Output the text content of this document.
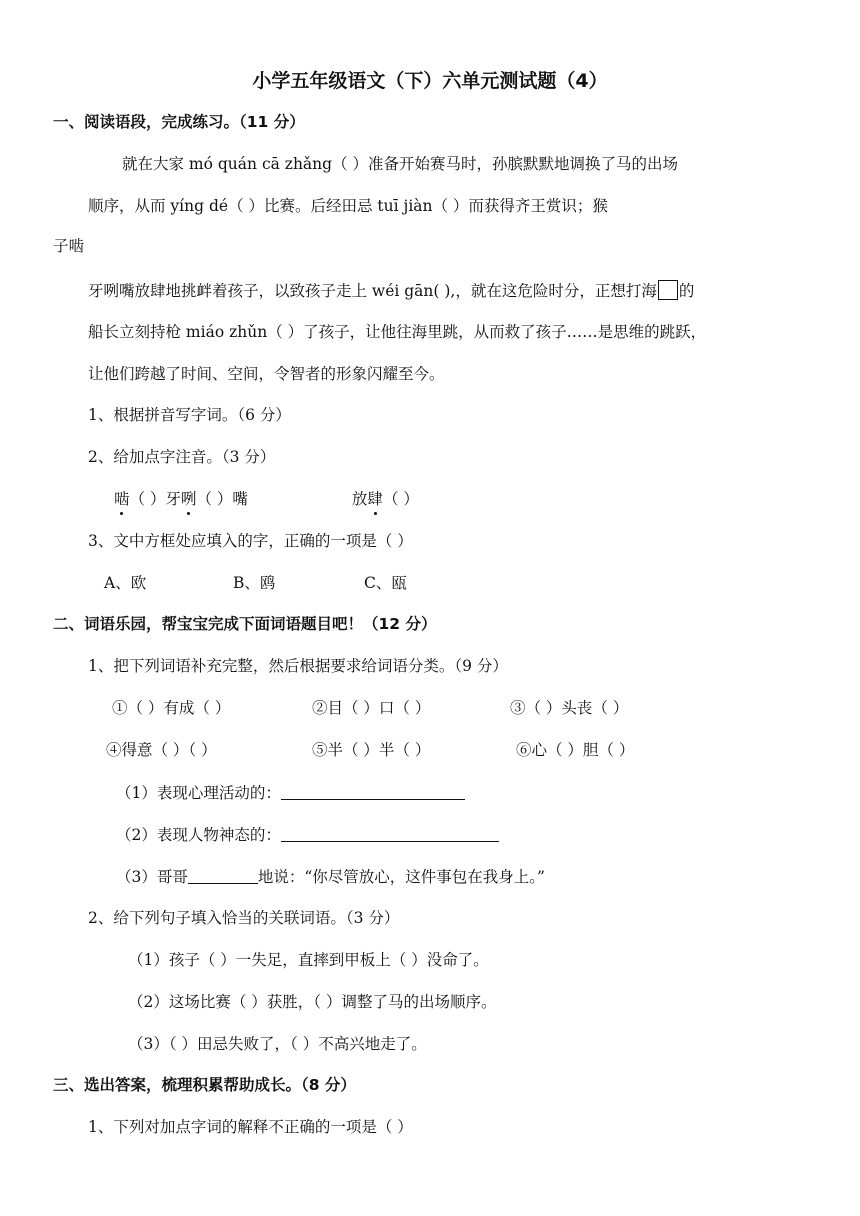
小学五年级语文（下）六单元测试题（4）
一、阅读语段，完成练习。（11 分）
就在大家 mó quán cā zhǎng（ ）准备开始赛马时，孙膑默默地调换了马的出场
顺序，从而 yíng dé（ ）比赛。后经田忌 tuī jiàn（ ）而获得齐王赏识；猴
子啮
牙咧嘴放肆地挑衅着孩子，以致孩子走上 wéi gān( ),，就在这危险时分，正想打海 的
船长立刻持枪 miáo zhǔn（ ）了孩子，让他往海里跳，从而救了孩子……是思维的跳跃，
让他们跨越了时间、空间，令智者的形象闪耀至今。
1、根据拼音写字词。（6 分）
2、给加点字注音。（3 分）
啮（ ）牙咧（ ）嘴	放肆（ ）
3、文中方框处应填入的字，正确的一项是（ ）
A、欧	B、鸥	C、瓯
二、词语乐园，帮宝宝完成下面词语题目吧！（12 分）
1、把下列词语补充完整，然后根据要求给词语分类。（9 分）
①（ ）有成（ ）	②目（ ）口（ ）	③（ ）头丧（ ）
④得意（ ）（ ）	⑤半（ ）半（ ）	⑥心（ ）胆（ ）
（1）表现心理活动的：
（2）表现人物神态的：
（3）哥哥	地说：“你尽管放心，这件事包在我身上。”
2、给下列句子填入恰当的关联词语。（3 分）
（1）孩子（ ）一失足，直摔到甲板上（ ）没命了。
（2）这场比赛（ ）获胜，（ ）调整了马的出场顺序。
（3）（ ）田忌失败了，（ ）不高兴地走了。
三、选出答案，梳理积累帮助成长。（8 分）
1、下列对加点字词的解释不正确的一项是（ ）
